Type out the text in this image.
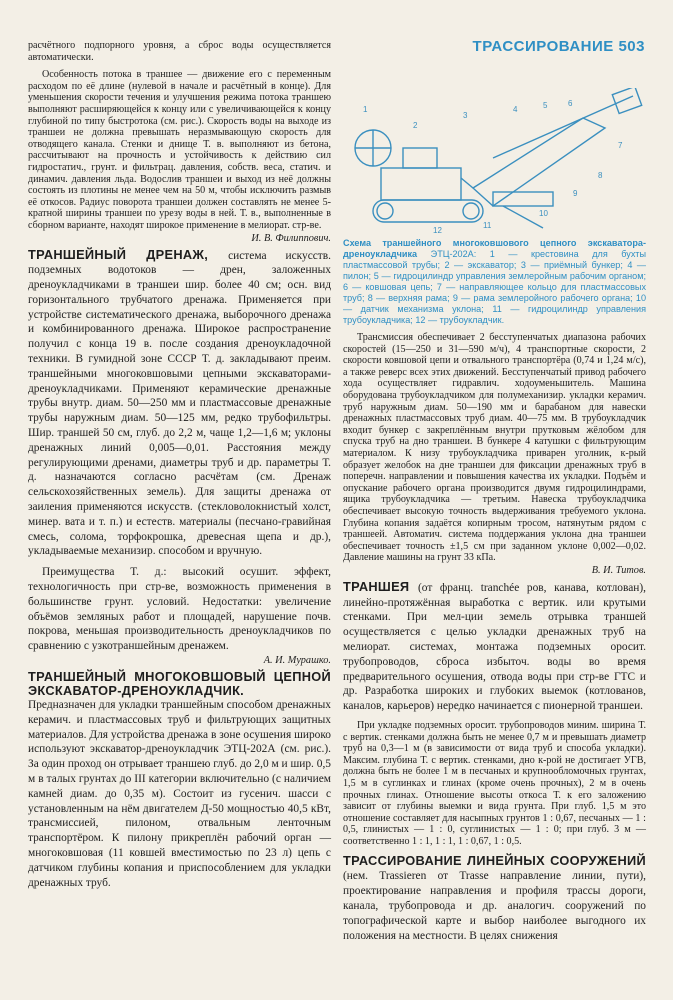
ТРАССИРОВАНИЕ 503

расчётного подпорного уровня, а сброс воды осуществляется автоматически.

Особенность потока в траншее — движение его с переменным расходом по её длине (нулевой в начале и расчётный в конце). Для уменьшения скорости течения и улучшения режима потока траншею выполняют расширяющейся к концу или с увеличивающейся к концу глубиной по типу быстротока (см. рис.). Скорость воды на выходе из траншеи не должна превышать неразмывающую скорость для отводящего канала. Стенки и днище Т. в. выполняют из бетона, рассчитывают на прочность и устойчивость к действию сил гидростатич., грунт. и фильтрац. давления, собств. веса, статич. и динамич. давления льда. Водослив траншеи и выход из неё должны состоять из плотины не менее чем на 50 м, чтобы исключить размыв её откосов. Радиус поворота траншеи должен составлять не менее 5-кратной ширины траншеи по урезу воды в ней. Т. в., выполненные в сборном варианте, находят широкое применение в мелиорат. стр-ве.

И. В. Филиппович.

ТРАНШЕЙНЫЙ ДРЕНАЖ, система искусств. подземных водотоков — дрен, заложенных дреноукладчиками в траншеи шир. более 40 см; осн. вид горизонтального трубчатого дренажа. Применяется при устройстве систематического дренажа, выборочного дренажа и комбинированного дренажа. Широкое распространение получил с конца 19 в. после создания дреноукладочной техники. В гумидной зоне СССР Т. д. закладывают преим. траншейными многоковшовыми цепными экскаваторами-дреноукладчиками. Применяют керамические дренажные трубы внутр. диам. 50—250 мм и пластмассовые дренажные трубы наружным диам. 50—125 мм, редко трубофильтры. Шир. траншей 50 см, глуб. до 2,2 м, чаще 1,2—1,6 м; уклоны дренажных линий 0,005—0,01. Расстояния между регулирующими дренами, диаметры труб и др. параметры Т. д. назначаются согласно расчётам (см. Дренаж сельскохозяйственных земель). Для защиты дренажа от заиления применяются искусств. (стекловолокнистый холст, минер. вата и т. п.) и естеств. материалы (песчано-гравийная смесь, солома, торфокрошка, древесная щепа и др.), укладываемые механизир. способом и вручную.

Преимущества Т. д.: высокий осушит. эффект, технологичность при стр-ве, возможность применения в большинстве грунт. условий. Недостатки: увеличение объёмов земляных работ и площадей, нарушение почв. покрова, меньшая производительность дреноукладчиков по сравнению с узкотраншейным дренажем.

А. И. Мурашко.

ТРАНШЕЙНЫЙ МНОГОКОВШОВЫЙ ЦЕПНОЙ ЭКСКАВАТОР-ДРЕНОУКЛАДЧИК.

Предназначен для укладки траншейным способом дренажных керамич. и пластмассовых труб и фильтрующих защитных материалов. Для устройства дренажа в зоне осушения широко используют экскаватор-дреноукладчик ЭТЦ-202А (см. рис.). За один проход он отрывает траншею глуб. до 2,0 м и шир. 0,5 м в талых грунтах до III категории включительно (с наличием камней диам. до 0,35 м). Состоит из гусенич. шасси с установленным на нём двигателем Д-50 мощностью 40,5 кВт, трансмиссией, пилоном, отвальным ленточным транспортёром. К пилону прикреплён рабочий орган — многоковшовая (11 ковшей вместимостью по 23 л) цепь с датчиком глубины копания и приспособлением для укладки дренажных труб.

1
2
3
4	5	6
7
8
9
10
11
12

Схема траншейного многоковшового цепного экскаватора-дреноукладчика ЭТЦ-202А: 1 — крестовина для бухты пластмассовой трубы; 2 — экскаватор; 3 — приёмный бункер; 4 — пилон; 5 — гидроцилиндр управления землеройным рабочим органом; 6 — ковшовая цепь; 7 — направляющее кольцо для пластмассовых труб; 8 — верхняя рама; 9 — рама землеройного рабочего органа; 10 — датчик механизма уклона; 11 — гидроцилиндр управления трубоукладчика; 12 — трубоукладчик.

Трансмиссия обеспечивает 2 бесступенчатых диапазона рабочих скоростей (15—250 и 31—590 м/ч), 4 транспортные скорости, 2 скорости ковшовой цепи и отвального транспортёра (0,74 и 1,24 м/с), а также реверс всех этих движений. Бесступенчатый привод рабочего хода осуществляет гидравлич. ходоуменьшитель. Машина оборудована трубоукладчиком для полумеханизир. укладки керамич. труб наружным диам. 50—190 мм и барабаном для навески дренажных пластмассовых труб диам. 40—75 мм. В трубоукладчик входит бункер с закреплённым внутри прутковым жёлобом для спуска труб на дно траншеи. В бункере 4 катушки с фильтрующим материалом. К низу трубоукладчика приварен уголник, к-рый образует желобок на дне траншеи для фиксации дренажных труб в поперечн. направлении и повышения качества их укладки. Подъём и опускание рабочего органа производится двумя гидроцилиндрами, ящика трубоукладчика — третьим. Навеска трубоукладчика обеспечивает высокую точность выдерживания требуемого уклона. Глубина копания задаётся копирным тросом, натянутым рядом с траншеей. Автоматич. система поддержания уклона дна траншеи обеспечивает точность ±1,5 см при заданном уклоне 0,002—0,02. Давление машины на грунт 33 кПа.

В. И. Титов.

ТРАНШЕЯ (от франц. tranchée ров, канава, котлован), линейно-протяжённая выработка с вертик. или крутыми стенками. При мел-ции земель отрывка траншей осуществляется с целью укладки дренажных труб на мелиорат. системах, монтажа подземных оросит. трубопроводов, сброса избыточ. воды во время предварительного осушения, отвода воды при стр-ве ГТС и др. Разработка широких и глубоких выемок (котлованов, каналов, карьеров) нередко начинается с пионерной траншеи.

При укладке подземных оросит. трубопроводов миним. ширина Т. с вертик. стенками должна быть не менее 0,7 м и превышать диаметр труб на 0,3—1 м (в зависимости от вида труб и способа укладки). Максим. глубина Т. с вертик. стенками, дно к-рой не достигает УГВ, должна быть не более 1 м в песчаных и крупнообломочных грунтах, 1,5 м в суглинках и глинах (кроме очень прочных), 2 м в очень прочных глинах. Отношение высоты откоса Т. к его заложению зависит от глубины выемки и вида грунта. При глуб. 1,5 м это отношение составляет для насыпных грунтов 1 : 0,67, песчаных — 1 : 0,5, глинистых — 1 : 0, суглинистых — 1 : 0; при глуб. 3 м — соответственно 1 : 1, 1 : 1, 1 : 0,67, 1 : 0,5.

ТРАССИРОВАНИЕ ЛИНЕЙНЫХ СООРУЖЕНИЙ (нем. Trassieren от Trasse направление линии, пути), проектирование направления и профиля трассы дороги, канала, трубопровода и др. аналогич. сооружений по топографической карте и выбор наиболее выгодного их положения на местности. В целях снижения
